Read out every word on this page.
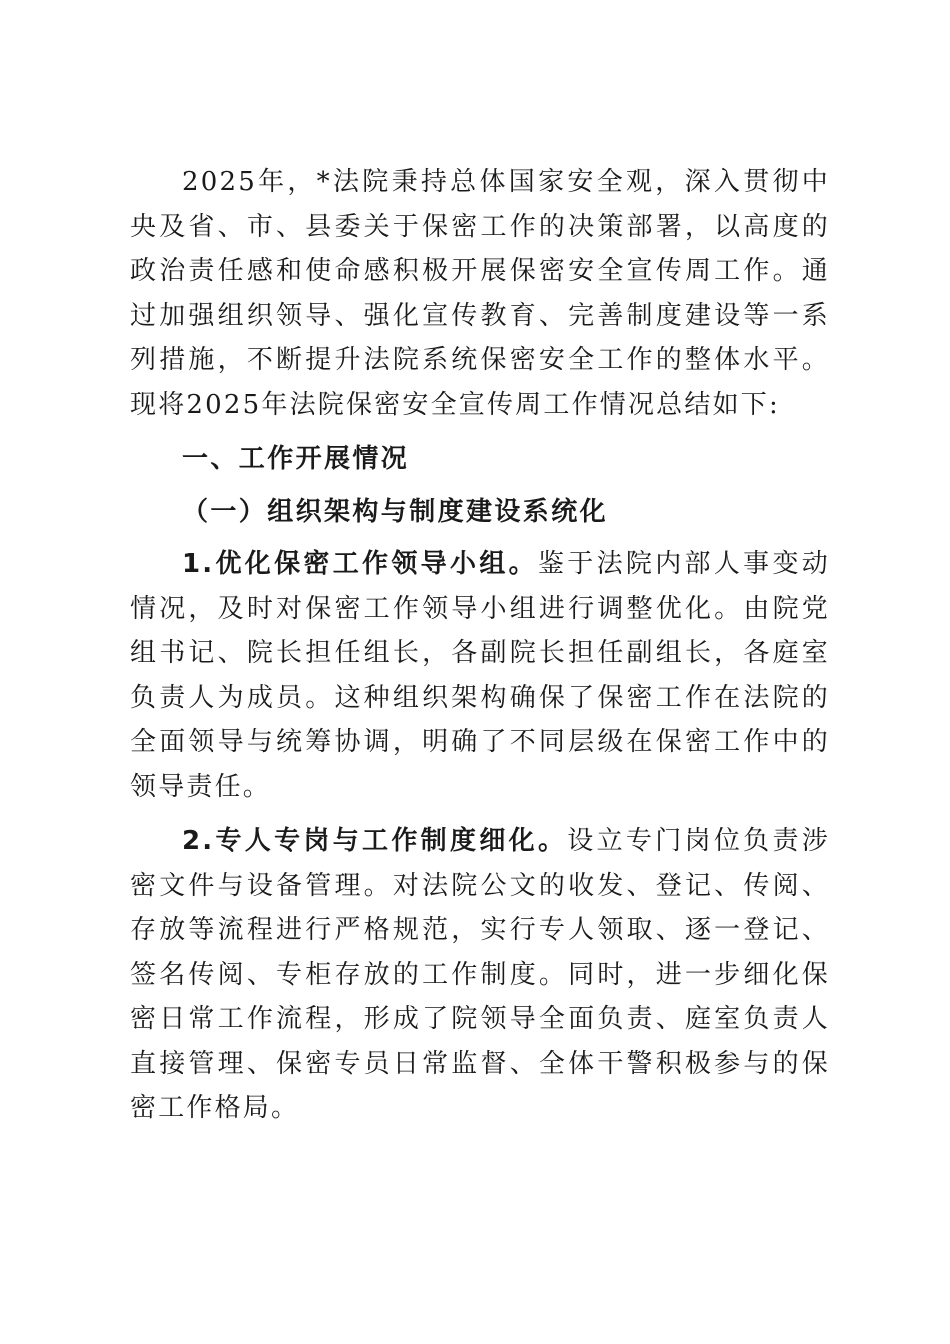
2025年，*法院秉持总体国家安全观，深入贯彻中央及省、市、县委关于保密工作的决策部署，以高度的政治责任感和使命感积极开展保密安全宣传周工作。通过加强组织领导、强化宣传教育、完善制度建设等一系列措施，不断提升法院系统保密安全工作的整体水平。现将2025年法院保密安全宣传周工作情况总结如下:

一、工作开展情况

（一）组织架构与制度建设系统化

1.优化保密工作领导小组。鉴于法院内部人事变动情况，及时对保密工作领导小组进行调整优化。由院党组书记、院长担任组长，各副院长担任副组长，各庭室负责人为成员。这种组织架构确保了保密工作在法院的全面领导与统筹协调，明确了不同层级在保密工作中的领导责任。

2.专人专岗与工作制度细化。设立专门岗位负责涉密文件与设备管理。对法院公文的收发、登记、传阅、存放等流程进行严格规范，实行专人领取、逐一登记、签名传阅、专柜存放的工作制度。同时，进一步细化保密日常工作流程，形成了院领导全面负责、庭室负责人直接管理、保密专员日常监督、全体干警积极参与的保密工作格局。
